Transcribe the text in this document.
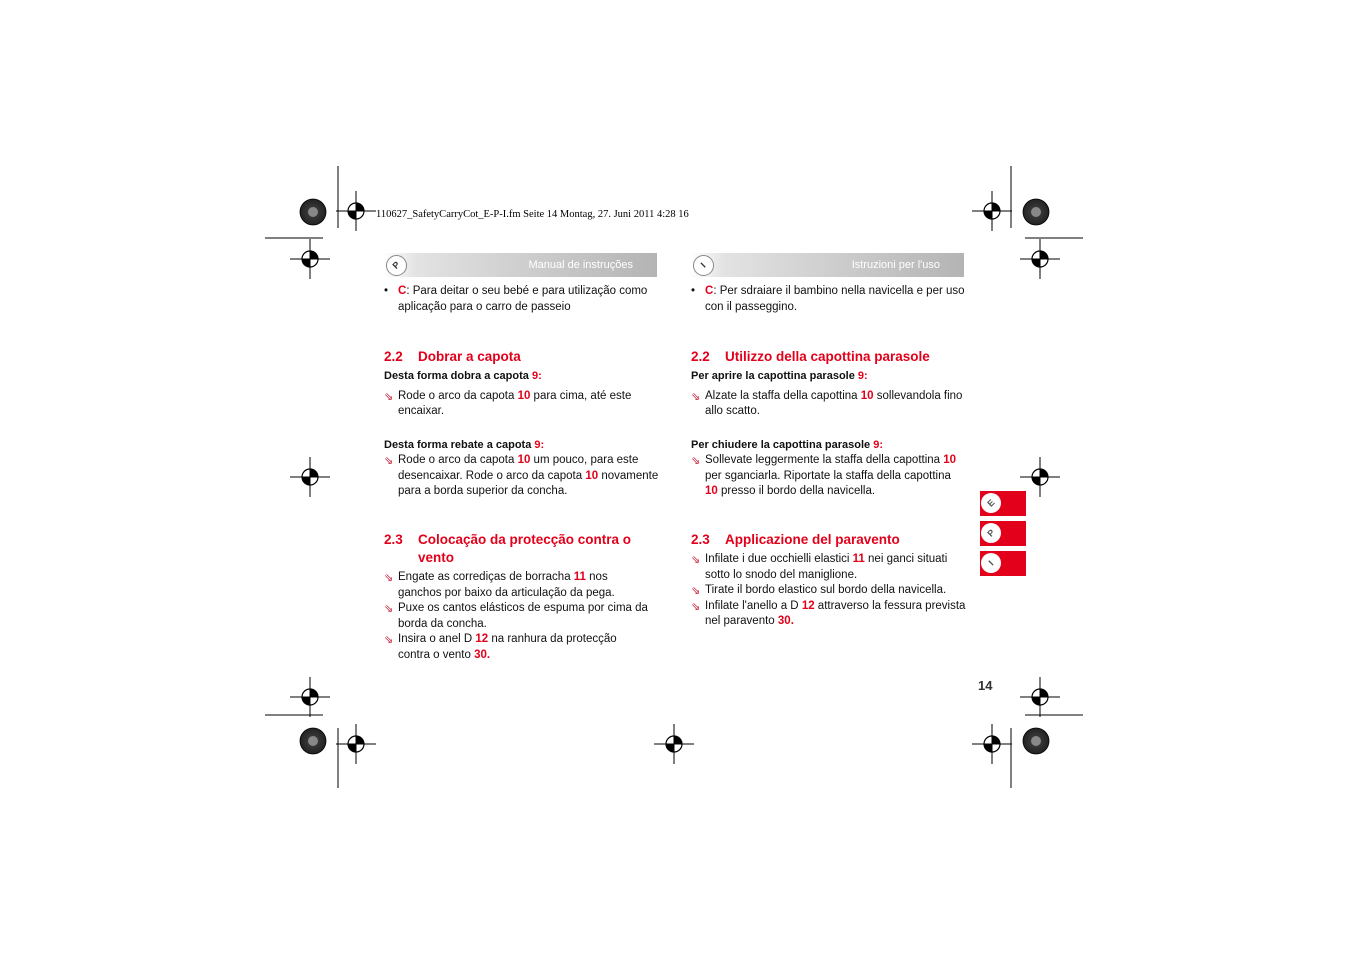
110627_SafetyCarryCot_E-P-I.fm Seite 14 Montag, 27. Juni 2011 4:28 16
P	Manual de instruções	I	Istruzioni per l'uso

• C: Para deitar o seu bebé e para utilização como aplicação para o carro de passeio

2.2 Dobrar a capota

Desta forma dobra a capota 9:

⇘ Rode o arco da capota 10 para cima, até este encaixar.

Desta forma rebate a capota 9:

⇘ Rode o arco da capota 10 um pouco, para este desencaixar. Rode o arco da capota 10 novamente para a borda superior da concha.

2.3 Colocação da protecção contra o vento

⇘ Engate as corrediças de borracha 11 nos ganchos por baixo da articulação da pega.

⇘ Puxe os cantos elásticos de espuma por cima da borda da concha.

⇘ Insira o anel D 12 na ranhura da protecção contra o vento 30.

• C: Per sdraiare il bambino nella navicella e per uso con il passeggino.

2.2 Utilizzo della capottina parasole

Per aprire la capottina parasole 9:

⇘ Alzate la staffa della capottina 10 sollevandola fino allo scatto.

Per chiudere la capottina parasole 9:

⇘ Sollevate leggermente la staffa della capottina 10 per sganciarla. Riportate la staffa della capottina 10 presso il bordo della navicella.

2.3 Applicazione del paravento

⇘ Infilate i due occhielli elastici 11 nei ganci situati sotto lo snodo del maniglione.

⇘ Tirate il bordo elastico sul bordo della navicella.

⇘ Infilate l'anello a D 12 attraverso la fessura prevista nel paravento 30.

E
P
I
14
